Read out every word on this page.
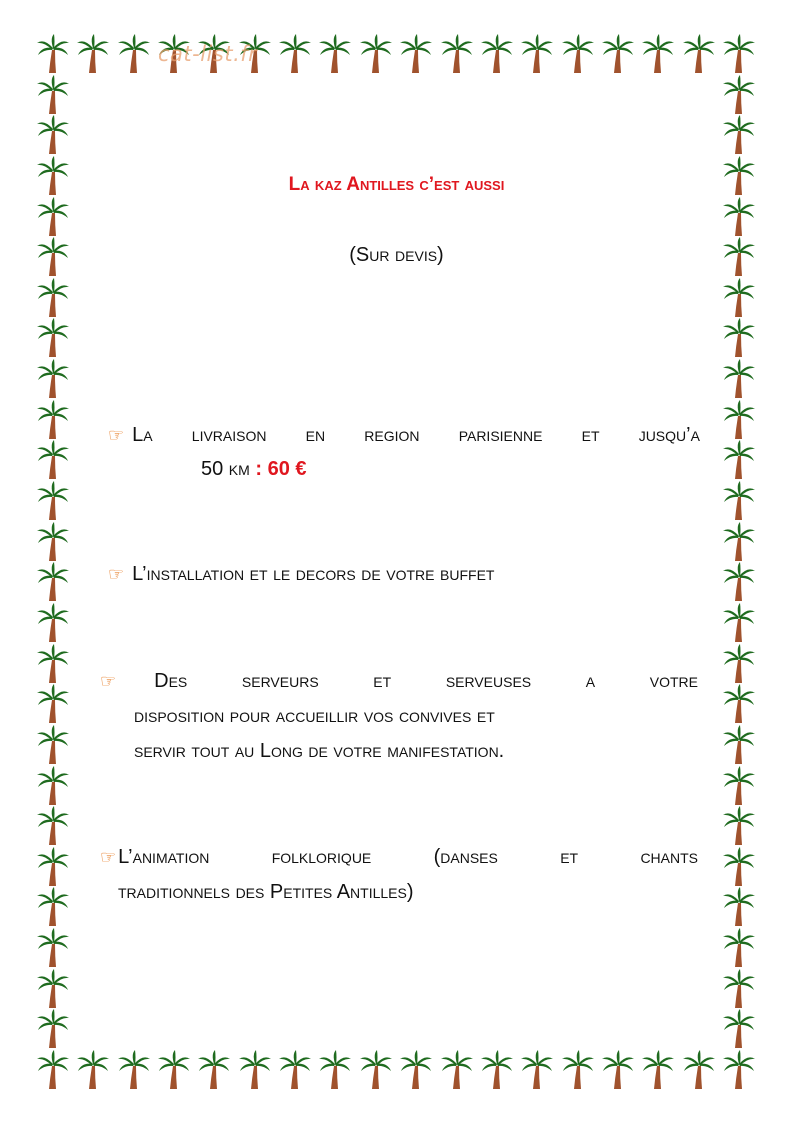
cat-list.fr
La kaz Antilles c’est aussi
(Sur devis)
☞ La livraison en region parisienne et jusqu’a
50 km : 60 €
☞ L’installation et le decors de votre buffet
☞ Des	serveurs	et	serveuses	a	votre
disposition pour accueillir vos convives et
servir tout au Long de votre manifestation.
☞ L’animation	folklorique	(danses	et	chants
traditionnels des Petites Antilles)
